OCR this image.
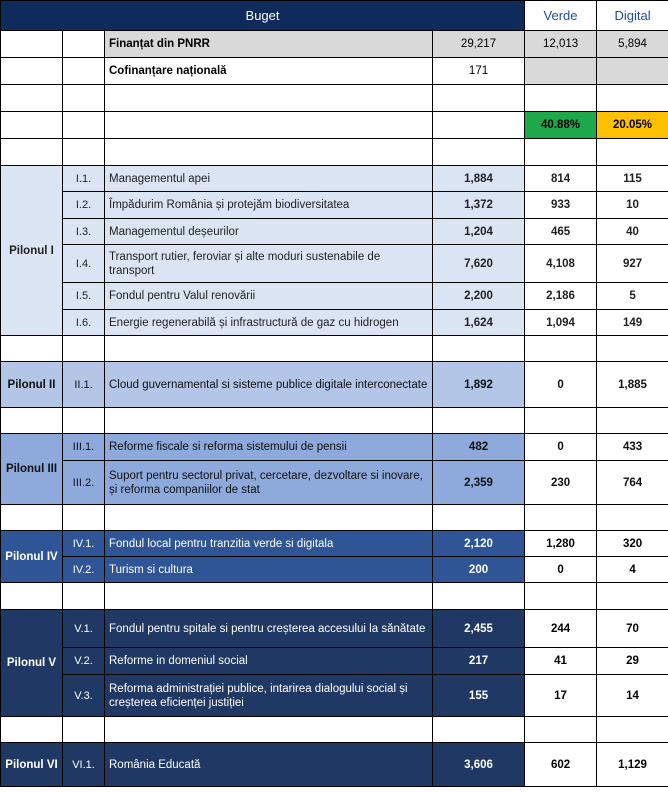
Buget				Verde	Digital
		Finanțat din PNRR	29,217	12,013	5,894
		Cofinanțare națională	171		

				40.88%	20.05%

Pilonul I	I.1.	Managementul apei	1,884	814	115
	I.2.	Împădurim România și protejăm biodiversitatea	1,372	933	10
	I.3.	Managementul deșeurilor	1,204	465	40
	I.4.	Transport rutier, feroviar și alte moduri sustenabile de transport	7,620	4,108	927
	I.5.	Fondul pentru Valul renovării	2,200	2,186	5
	I.6.	Energie regenerabilă și infrastructură de gaz cu hidrogen	1,624	1,094	149

Pilonul II	II.1.	Cloud guvernamental si sisteme publice digitale interconectate	1,892	0	1,885

Pilonul III	III.1.	Reforme fiscale si reforma sistemului de pensii	482	0	433
	III.2.	Suport pentru sectorul privat, cercetare, dezvoltare si inovare, și reforma companiilor de stat	2,359	230	764

Pilonul IV	IV.1.	Fondul local pentru tranzitia verde si digitala	2,120	1,280	320
	IV.2.	Turism si cultura	200	0	4

Pilonul V	V.1.	Fondul pentru spitale si pentru creșterea accesului la sănătate	2,455	244	70
	V.2.	Reforme in domeniul social	217	41	29
	V.3.	Reforma administrației publice, intarirea dialogului social și creșterea eficienței justiției	155	17	14

Pilonul VI	VI.1.	România Educată	3,606	602	1,129
